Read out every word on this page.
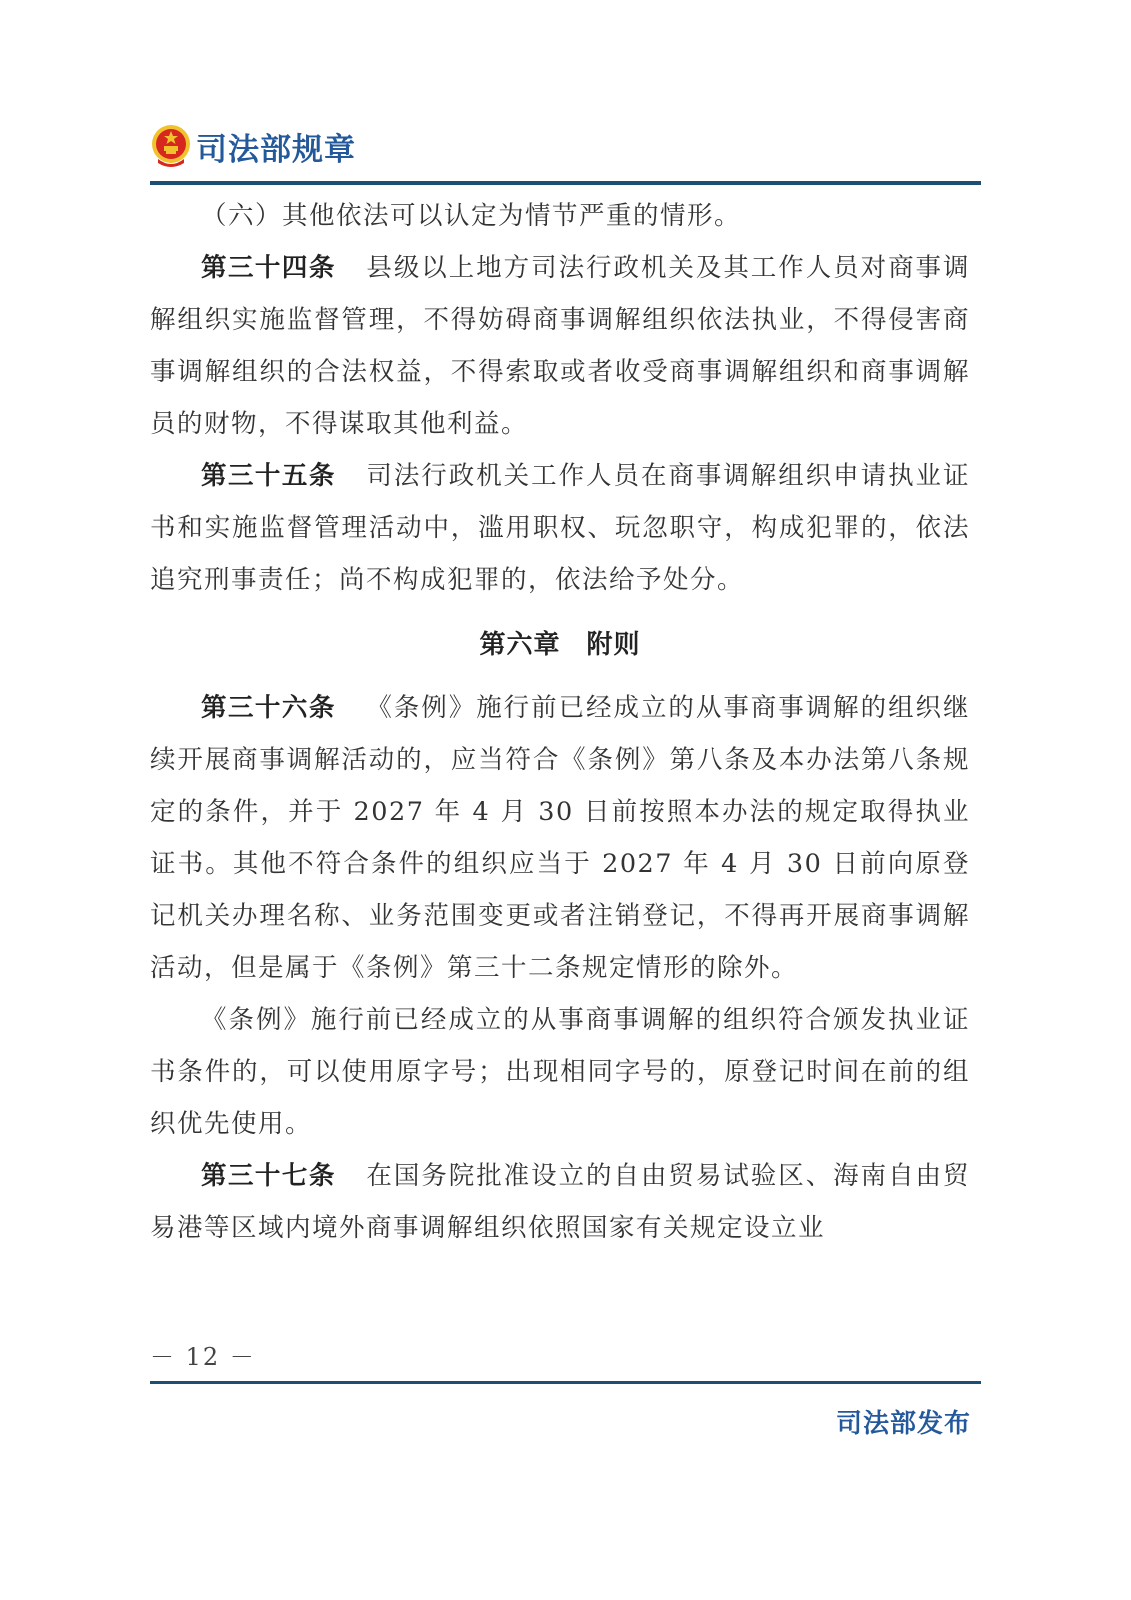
司法部规章

（六）其他依法可以认定为情节严重的情形。

第三十四条 县级以上地方司法行政机关及其工作人员对商事调解组织实施监督管理，不得妨碍商事调解组织依法执业，不得侵害商事调解组织的合法权益，不得索取或者收受商事调解组织和商事调解员的财物，不得谋取其他利益。

第三十五条 司法行政机关工作人员在商事调解组织申请执业证书和实施监督管理活动中，滥用职权、玩忽职守，构成犯罪的，依法追究刑事责任；尚不构成犯罪的，依法给予处分。

第六章 附则

第三十六条 《条例》施行前已经成立的从事商事调解的组织继续开展商事调解活动的，应当符合《条例》第八条及本办法第八条规定的条件，并于 2027 年 4 月 30 日前按照本办法的规定取得执业证书。其他不符合条件的组织应当于 2027 年 4 月 30 日前向原登记机关办理名称、业务范围变更或者注销登记，不得再开展商事调解活动，但是属于《条例》第三十二条规定情形的除外。

《条例》施行前已经成立的从事商事调解的组织符合颁发执业证书条件的，可以使用原字号；出现相同字号的，原登记时间在前的组织优先使用。

第三十七条 在国务院批准设立的自由贸易试验区、海南自由贸易港等区域内境外商事调解组织依照国家有关规定设立业

－ 12 －
司法部发布
